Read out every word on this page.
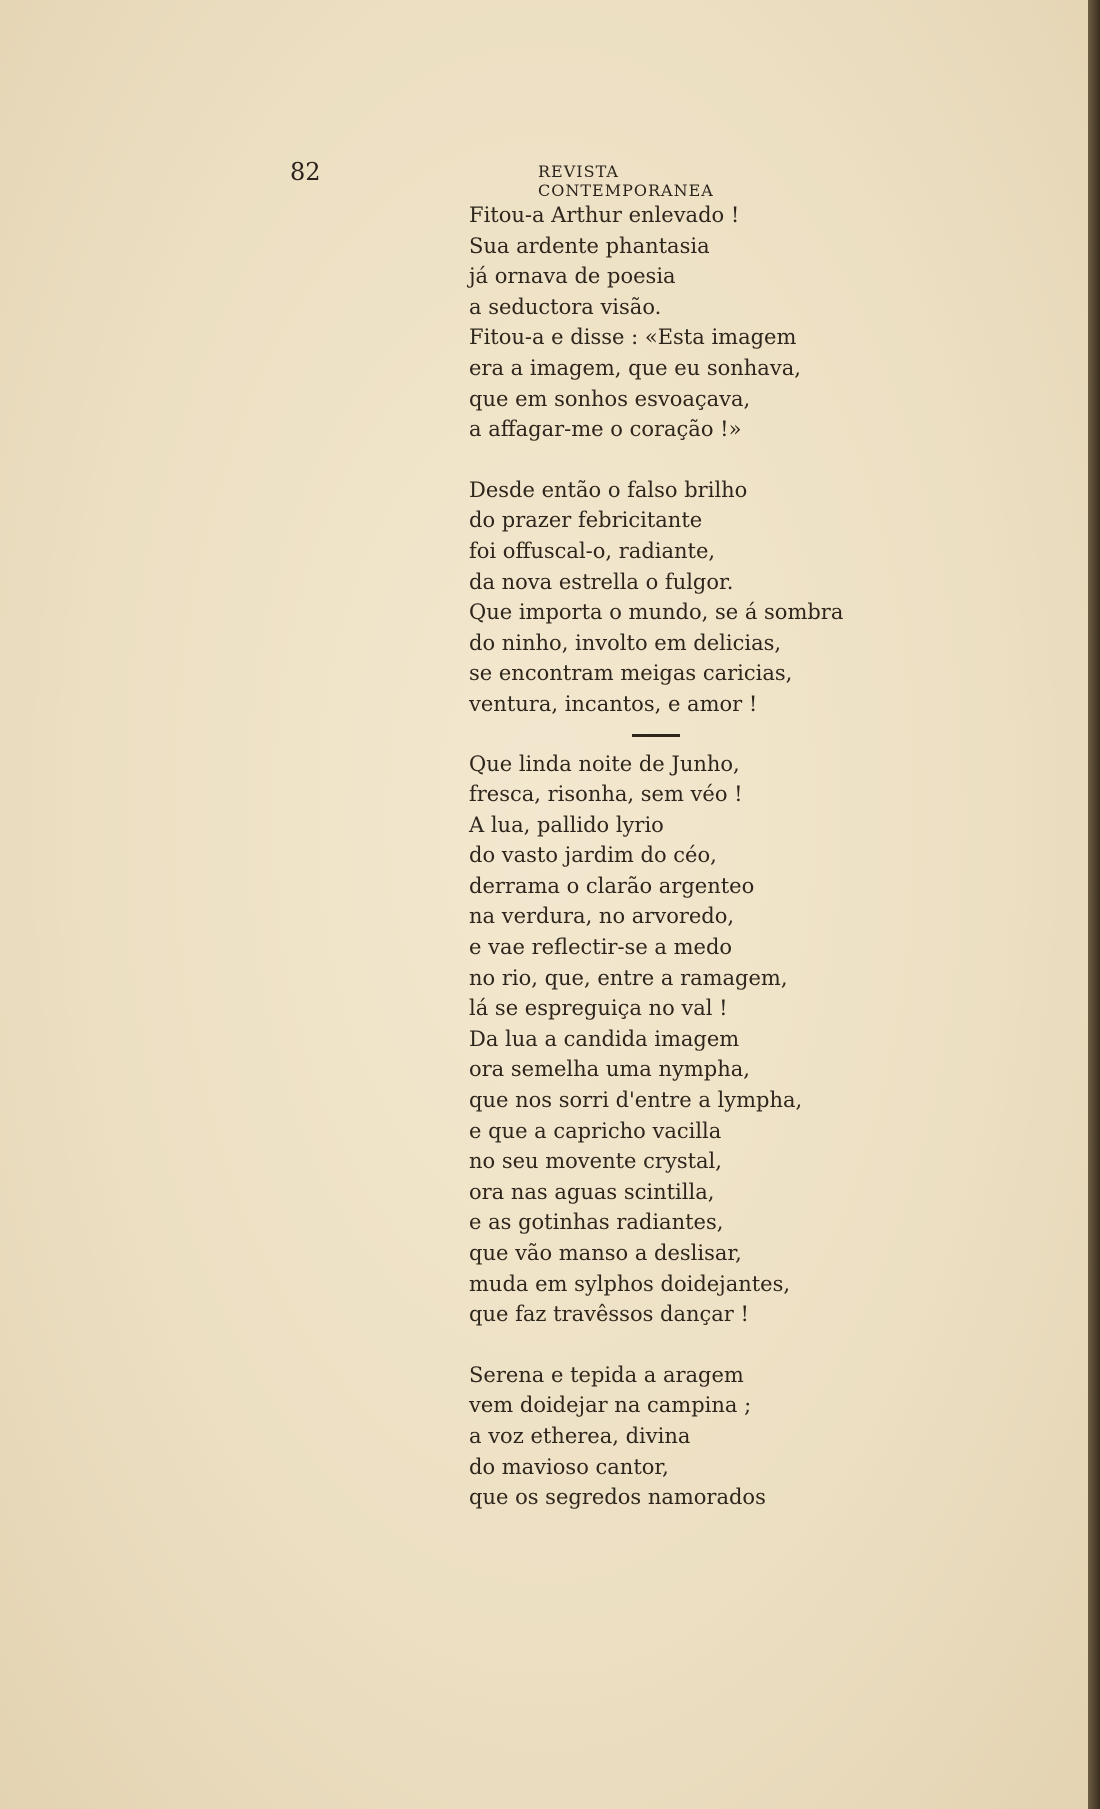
82	REVISTA CONTEMPORANEA
Fitou-a Arthur enlevado !
Sua ardente phantasia
já ornava de poesia
a seductora visão.
Fitou-a e disse : «Esta imagem
era a imagem, que eu sonhava,
que em sonhos esvoaçava,
a affagar-me o coração !»
Desde então o falso brilho
do prazer febricitante
foi offuscal-o, radiante,
da nova estrella o fulgor.
Que importa o mundo, se á sombra
do ninho, involto em delicias,
se encontram meigas caricias,
ventura, incantos, e amor !
Que linda noite de Junho,
fresca, risonha, sem véo !
A lua, pallido lyrio
do vasto jardim do céo,
derrama o clarão argenteo
na verdura, no arvoredo,
e vae reflectir-se a medo
no rio, que, entre a ramagem,
lá se espreguiça no val !
Da lua a candida imagem
ora semelha uma nympha,
que nos sorri d'entre a lympha,
e que a capricho vacilla
no seu movente crystal,
ora nas aguas scintilla,
e as gotinhas radiantes,
que vão manso a deslisar,
muda em sylphos doidejantes,
que faz travêssos dançar !
Serena e tepida a aragem
vem doidejar na campina ;
a voz etherea, divina
do mavioso cantor,
que os segredos namorados
